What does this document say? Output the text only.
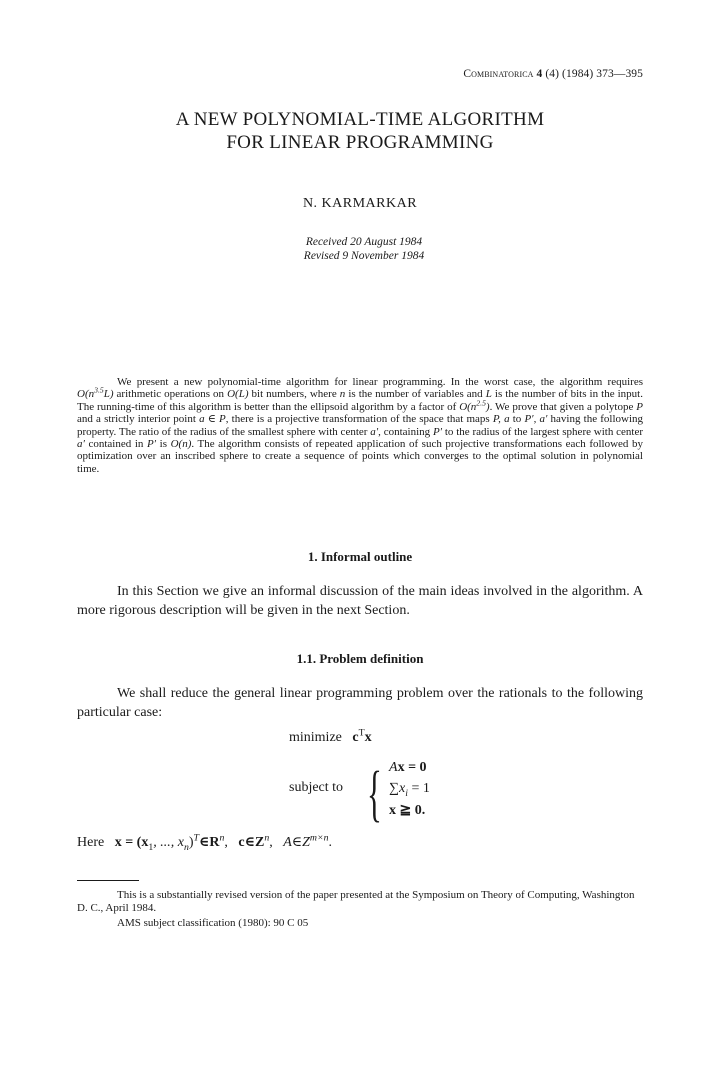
Combinatorica 4 (4) (1984) 373—395
A NEW POLYNOMIAL-TIME ALGORITHM
FOR LINEAR PROGRAMMING
N. KARMARKAR
Received 20 August 1984
Revised 9 November 1984

We present a new polynomial-time algorithm for linear programming. In the worst case, the algorithm requires $O(n^{3.5}L)$ arithmetic operations on O(L) bit numbers, where n is the number of variables and L is the number of bits in the input. The running-time of this algorithm is better than the ellipsoid algorithm by a factor of $O(n^{2.5})$. We prove that given a polytope P and a strictly interior point a ∈ P, there is a projective transformation of the space that maps P, a to P′, a′ having the following property. The ratio of the radius of the smallest sphere with center a′, containing P′ to the radius of the largest sphere with center a′ contained in P′ is O(n). The algorithm consists of repeated application of such projective transformations each followed by optimization over an inscribed sphere to create a sequence of points which converges to the optimal solution in polynomial time.

1. Informal outline

In this Section we give an informal discussion of the main ideas involved in the algorithm. A more rigorous description will be given in the next Section.

1.1. Problem definition

We shall reduce the general linear programming problem over the rationals to the following particular case:

minimize $c^Tx$
subject to { Ax = 0
$\sum x_i = 1$
x ≧ 0.
Here $x = (x_1$, ..., $x_n)^T\in R^n$,   $c\in Z^n$,   $A\in Z^{m\times n}$.

This is a substantially revised version of the paper presented at the Symposium on Theory of Computing, Washington D. C., April 1984.

AMS subject classification (1980): 90 C 05
